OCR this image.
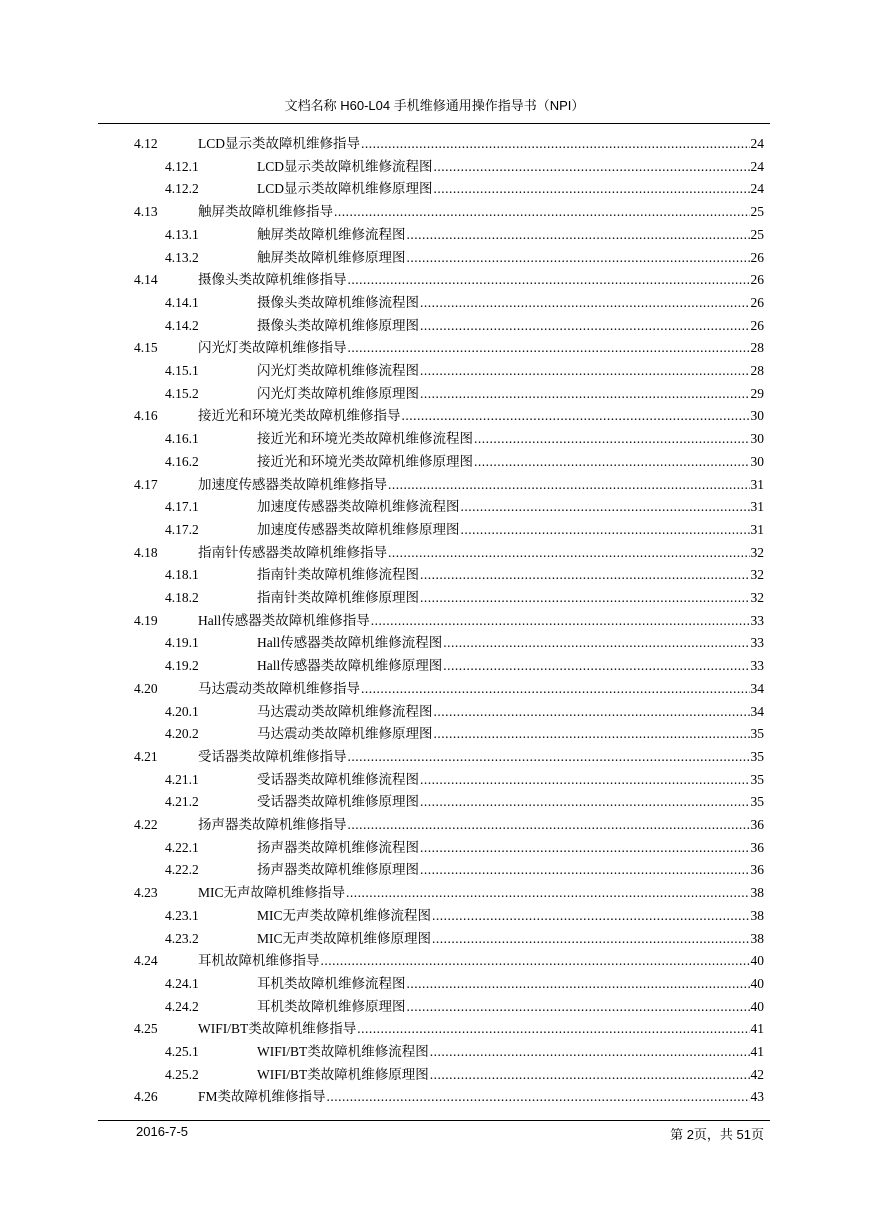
文档名称 H60-L04 手机维修通用操作指导书（NPI）
4.12	LCD显示类故障机维修指导 .....	24
4.12.1	LCD显示类故障机维修流程图 .....	24
4.12.2	LCD显示类故障机维修原理图 .....	24
4.13	触屏类故障机维修指导 .....	25
4.13.1	触屏类故障机维修流程图 .....	25
4.13.2	触屏类故障机维修原理图 .....	26
4.14	摄像头类故障机维修指导 .....	26
4.14.1	摄像头类故障机维修流程图 .....	26
4.14.2	摄像头类故障机维修原理图 .....	26
4.15	闪光灯类故障机维修指导 .....	28
4.15.1	闪光灯类故障机维修流程图 .....	28
4.15.2	闪光灯类故障机维修原理图 .....	29
4.16	接近光和环境光类故障机维修指导 .....	30
4.16.1	接近光和环境光类故障机维修流程图 .....	30
4.16.2	接近光和环境光类故障机维修原理图 .....	30
4.17	加速度传感器类故障机维修指导 .....	31
4.17.1	加速度传感器类故障机维修流程图 .....	31
4.17.2	加速度传感器类故障机维修原理图 .....	31
4.18	指南针传感器类故障机维修指导 .....	32
4.18.1	指南针类故障机维修流程图 .....	32
4.18.2	指南针类故障机维修原理图 .....	32
4.19	Hall传感器类故障机维修指导 .....	33
4.19.1	Hall传感器类故障机维修流程图 .....	33
4.19.2	Hall传感器类故障机维修原理图 .....	33
4.20	马达震动类故障机维修指导 .....	34
4.20.1	马达震动类故障机维修流程图 .....	34
4.20.2	马达震动类故障机维修原理图 .....	35
4.21	受话器类故障机维修指导 .....	35
4.21.1	受话器类故障机维修流程图 .....	35
4.21.2	受话器类故障机维修原理图 .....	35
4.22	扬声器类故障机维修指导 .....	36
4.22.1	扬声器类故障机维修流程图 .....	36
4.22.2	扬声器类故障机维修原理图 .....	36
4.23	MIC无声故障机维修指导 .....	38
4.23.1	MIC无声类故障机维修流程图 .....	38
4.23.2	MIC无声类故障机维修原理图 .....	38
4.24	耳机故障机维修指导 .....	40
4.24.1	耳机类故障机维修流程图 .....	40
4.24.2	耳机类故障机维修原理图 .....	40
4.25	WIFI/BT类故障机维修指导 .....	41
4.25.1	WIFI/BT类故障机维修流程图 .....	41
4.25.2	WIFI/BT类故障机维修原理图 .....	42
4.26	FM类故障机维修指导 .....	43
2016-7-5	第 2页，共 51页
